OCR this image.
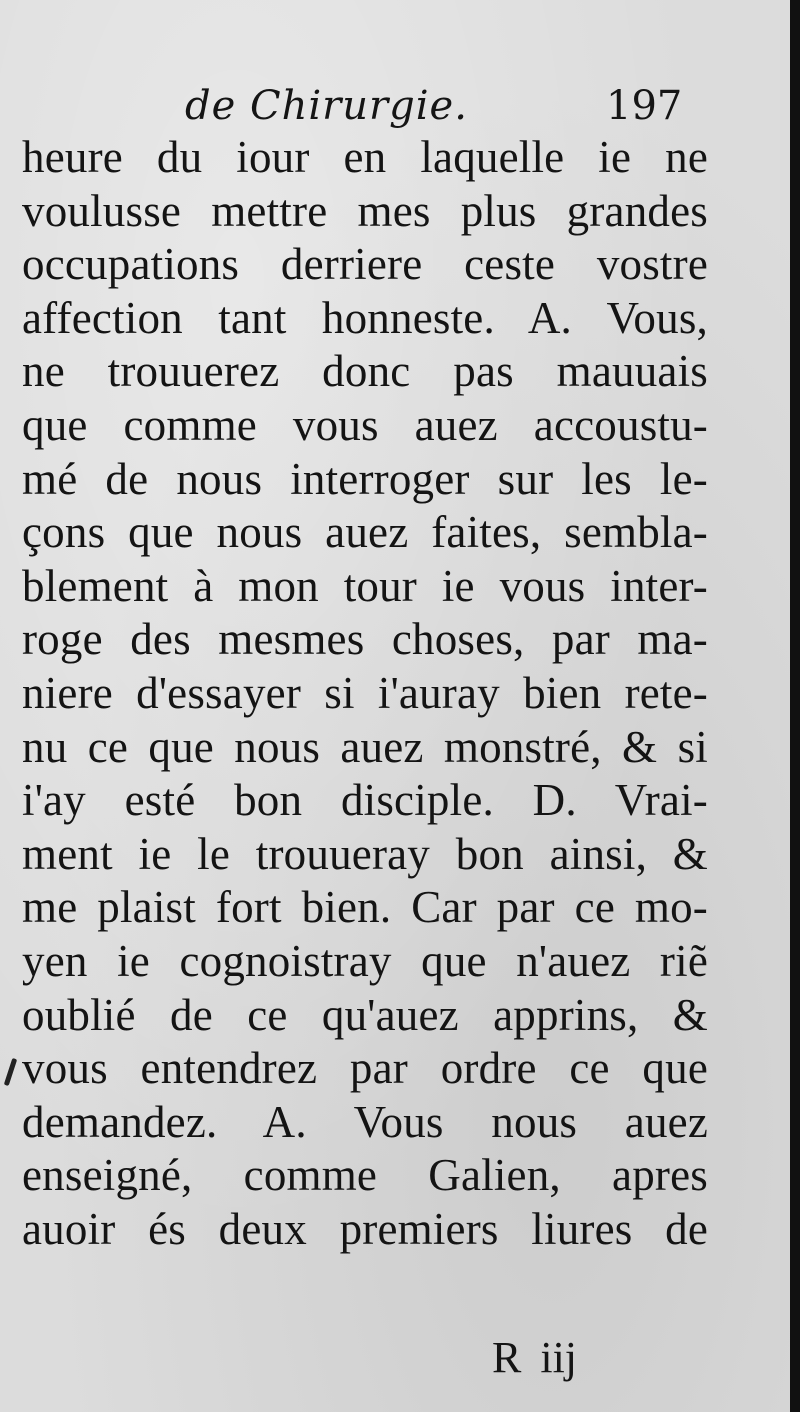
de Chirurgie.	197
heure du iour en laquelle ie ne
voulusse mettre mes plus grandes
occupations derriere ceste vostre
affection tant honneste. A. Vous,
ne trouuerez donc pas mauuais
que comme vous auez accoustu-
mé de nous interroger sur les le-
çons que nous auez faites, sembla-
blement à mon tour ie vous inter-
roge des mesmes choses, par ma-
niere d'essayer si i'auray bien rete-
nu ce que nous auez monstré, & si
i'ay esté bon disciple. D. Vrai-
ment ie le trouueray bon ainsi, &
me plaist fort bien. Car par ce mo-
yen ie cognoistray que n'auez riẽ
oublié de ce qu'auez apprins, &
vous entendrez par ordre ce que
demandez. A. Vous nous auez
enseigné, comme Galien, apres
auoir és deux premiers liures de
R iij
